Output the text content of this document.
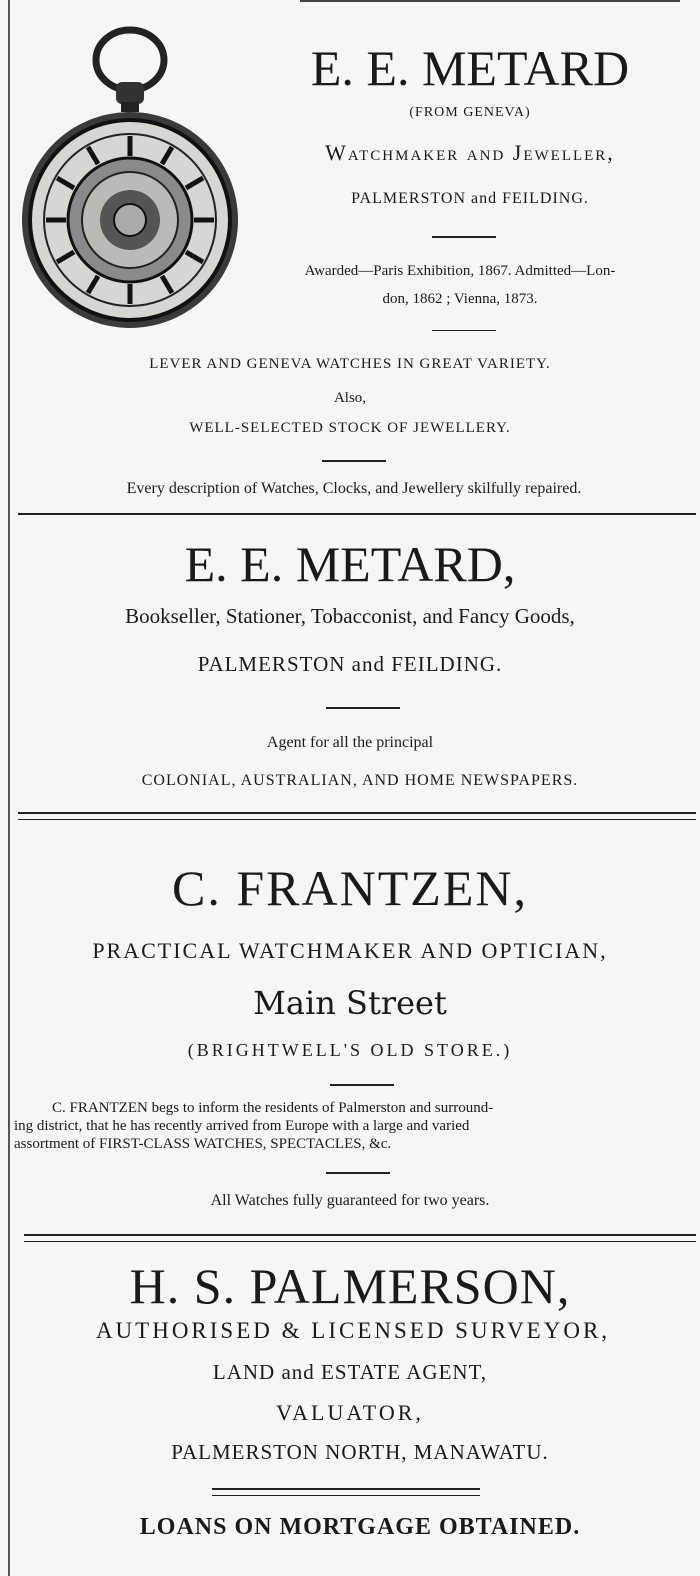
E. E. METARD
(FROM GENEVA)
Watchmaker and Jeweller,
PALMERSTON and FEILDING.
Awarded—Paris Exhibition, 1867. Admitted—Lon-
don, 1862 ; Vienna, 1873.
LEVER AND GENEVA WATCHES IN GREAT VARIETY.
Also,
WELL-SELECTED STOCK OF JEWELLERY.
Every description of Watches, Clocks, and Jewellery skilfully repaired.
E. E. METARD,
Bookseller, Stationer, Tobacconist, and Fancy Goods,
PALMERSTON and FEILDING.
Agent for all the principal
COLONIAL, AUSTRALIAN, AND HOME NEWSPAPERS.
C. FRANTZEN,
PRACTICAL WATCHMAKER AND OPTICIAN,
Main Street
(BRIGHTWELL'S OLD STORE.)
C. FRANTZEN begs to inform the residents of Palmerston and surround-
ing district, that he has recently arrived from Europe with a large and varied
assortment of FIRST-CLASS WATCHES, SPECTACLES, &c.
All Watches fully guaranteed for two years.
H. S. PALMERSON,
AUTHORISED & LICENSED SURVEYOR,
LAND and ESTATE AGENT,
VALUATOR,
PALMERSTON NORTH, MANAWATU.
LOANS ON MORTGAGE OBTAINED.
